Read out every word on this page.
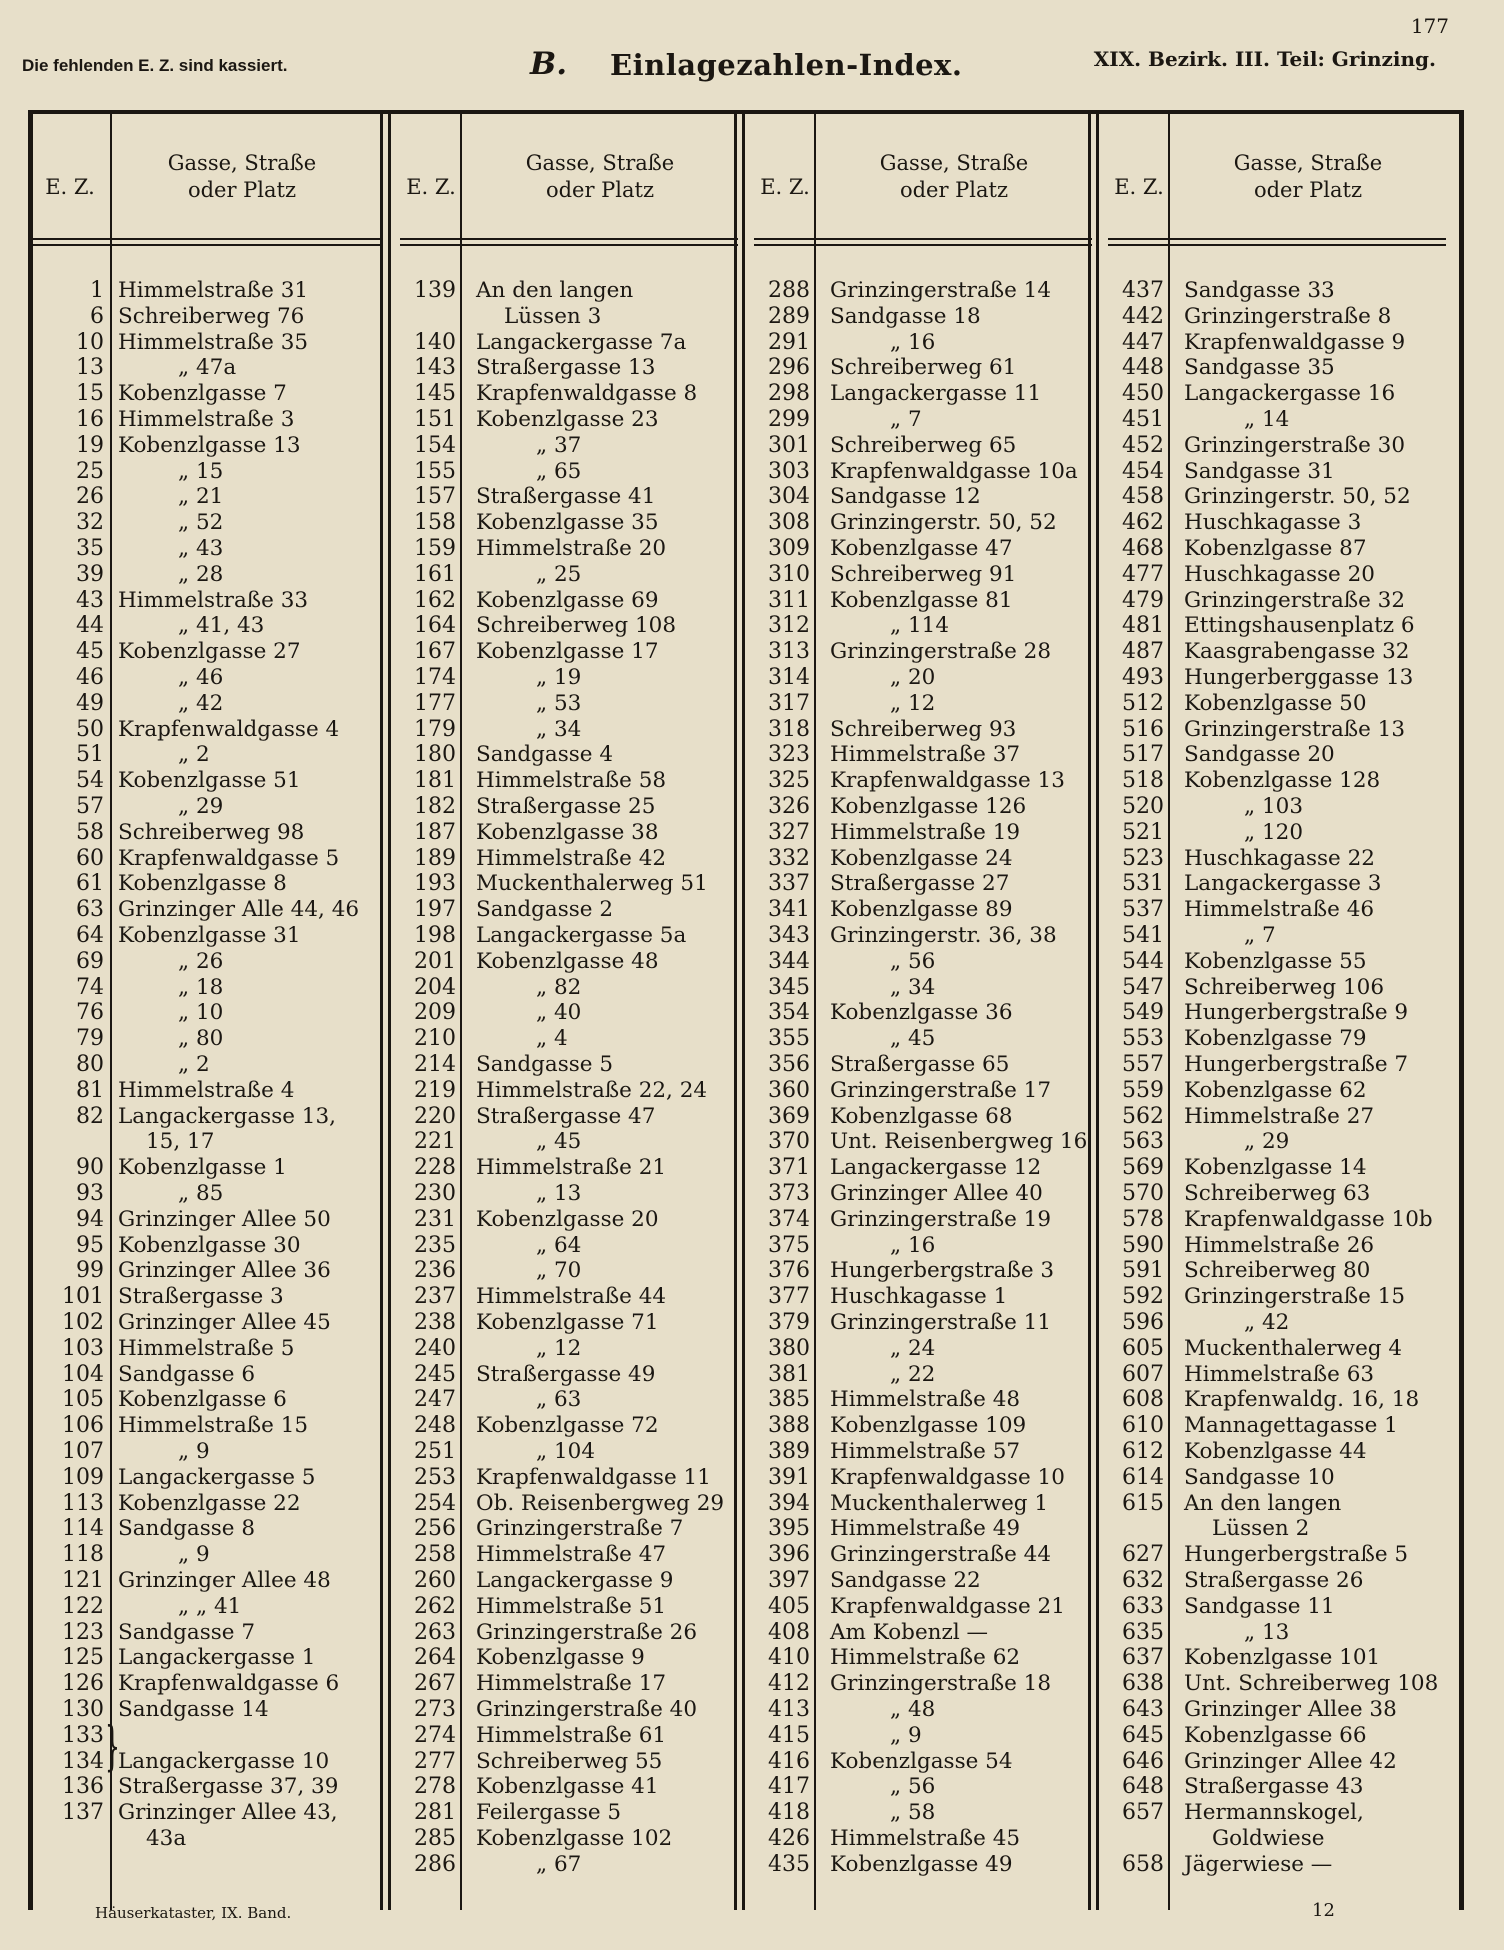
177
Die fehlenden E. Z. sind kassiert.	B. Einlagezahlen-Index.	XIX. Bezirk. III. Teil: Grinzing.
E. Z.
Gasse, Straße
oder Platz
1 Himmelstraße 31
6 Schreiberweg 76
10 Himmelstraße 35
13	„ 47a
15 Kobenzlgasse 7
16 Himmelstraße 3
19 Kobenzlgasse 13
25	„ 15
26	„ 21
32	„ 52
35	„ 43
39	„ 28
43 Himmelstraße 33
44	„ 41, 43
45 Kobenzlgasse 27
46	„ 46
49	„ 42
50 Krapfenwaldgasse 4
51	„ 2
54 Kobenzlgasse 51
57	„ 29
58 Schreiberweg 98
60 Krapfenwaldgasse 5
61 Kobenzlgasse 8
63 Grinzinger Alle 44, 46
64 Kobenzlgasse 31
69	„ 26
74	„ 18
76	„ 10
79	„ 80
80	„ 2
81 Himmelstraße 4
82 Langackergasse 13,
15, 17
90 Kobenzlgasse 1
93	„ 85
94 Grinzinger Allee 50
95 Kobenzlgasse 30
99 Grinzinger Allee 36
101 Straßergasse 3
102 Grinzinger Allee 45
103 Himmelstraße 5
104 Sandgasse 6
105 Kobenzlgasse 6
106 Himmelstraße 15
107	„ 9
109 Langackergasse 5
113 Kobenzlgasse 22
114 Sandgasse 8
118	„ 9
121 Grinzinger Allee 48
122	„ „ 41
123 Sandgasse 7
125 Langackergasse 1
126 Krapfenwaldgasse 6
130 Sandgasse 14
133
134 Langackergasse 10
136 Straßergasse 37, 39
137 Grinzinger Allee 43,
43a
E. Z.
Gasse, Straße
oder Platz
139 An den langen
Lüssen 3
140 Langackergasse 7a
143 Straßergasse 13
145 Krapfenwaldgasse 8
151 Kobenzlgasse 23
154	„ 37
155	„ 65
157 Straßergasse 41
158 Kobenzlgasse 35
159 Himmelstraße 20
161	„ 25
162 Kobenzlgasse 69
164 Schreiberweg 108
167 Kobenzlgasse 17
174	„ 19
177	„ 53
179	„ 34
180 Sandgasse 4
181 Himmelstraße 58
182 Straßergasse 25
187 Kobenzlgasse 38
189 Himmelstraße 42
193 Muckenthalerweg 51
197 Sandgasse 2
198 Langackergasse 5a
201 Kobenzlgasse 48
204	„ 82
209	„ 40
210	„ 4
214 Sandgasse 5
219 Himmelstraße 22, 24
220 Straßergasse 47
221	„ 45
228 Himmelstraße 21
230	„ 13
231 Kobenzlgasse 20
235	„ 64
236	„ 70
237 Himmelstraße 44
238 Kobenzlgasse 71
240	„ 12
245 Straßergasse 49
247	„ 63
248 Kobenzlgasse 72
251	„ 104
253 Krapfenwaldgasse 11
254 Ob. Reisenbergweg 29
256 Grinzingerstraße 7
258 Himmelstraße 47
260 Langackergasse 9
262 Himmelstraße 51
263 Grinzingerstraße 26
264 Kobenzlgasse 9
267 Himmelstraße 17
273 Grinzingerstraße 40
274 Himmelstraße 61
277 Schreiberweg 55
278 Kobenzlgasse 41
281 Feilergasse 5
285 Kobenzlgasse 102
286	„ 67
E. Z.
Gasse, Straße
oder Platz
288 Grinzingerstraße 14
289 Sandgasse 18
291	„ 16
296 Schreiberweg 61
298 Langackergasse 11
299	„ 7
301 Schreiberweg 65
303 Krapfenwaldgasse 10a
304 Sandgasse 12
308 Grinzingerstr. 50, 52
309 Kobenzlgasse 47
310 Schreiberweg 91
311 Kobenzlgasse 81
312	„ 114
313 Grinzingerstraße 28
314	„ 20
317	„ 12
318 Schreiberweg 93
323 Himmelstraße 37
325 Krapfenwaldgasse 13
326 Kobenzlgasse 126
327 Himmelstraße 19
332 Kobenzlgasse 24
337 Straßergasse 27
341 Kobenzlgasse 89
343 Grinzingerstr. 36, 38
344	„ 56
345	„ 34
354 Kobenzlgasse 36
355	„ 45
356 Straßergasse 65
360 Grinzingerstraße 17
369 Kobenzlgasse 68
370 Unt. Reisenbergweg 16
371 Langackergasse 12
373 Grinzinger Allee 40
374 Grinzingerstraße 19
375	„ 16
376 Hungerbergstraße 3
377 Huschkagasse 1
379 Grinzingerstraße 11
380	„ 24
381	„ 22
385 Himmelstraße 48
388 Kobenzlgasse 109
389 Himmelstraße 57
391 Krapfenwaldgasse 10
394 Muckenthalerweg 1
395 Himmelstraße 49
396 Grinzingerstraße 44
397 Sandgasse 22
405 Krapfenwaldgasse 21
408 Am Kobenzl —
410 Himmelstraße 62
412 Grinzingerstraße 18
413	„ 48
415	„ 9
416 Kobenzlgasse 54
417	„ 56
418	„ 58
426 Himmelstraße 45
435 Kobenzlgasse 49
E. Z.
Gasse, Straße
oder Platz
437 Sandgasse 33
442 Grinzingerstraße 8
447 Krapfenwaldgasse 9
448 Sandgasse 35
450 Langackergasse 16
451	„ 14
452 Grinzingerstraße 30
454 Sandgasse 31
458 Grinzingerstr. 50, 52
462 Huschkagasse 3
468 Kobenzlgasse 87
477 Huschkagasse 20
479 Grinzingerstraße 32
481 Ettingshausenplatz 6
487 Kaasgrabengasse 32
493 Hungerberggasse 13
512 Kobenzlgasse 50
516 Grinzingerstraße 13
517 Sandgasse 20
518 Kobenzlgasse 128
520	„ 103
521	„ 120
523 Huschkagasse 22
531 Langackergasse 3
537 Himmelstraße 46
541	„ 7
544 Kobenzlgasse 55
547 Schreiberweg 106
549 Hungerbergstraße 9
553 Kobenzlgasse 79
557 Hungerbergstraße 7
559 Kobenzlgasse 62
562 Himmelstraße 27
563	„ 29
569 Kobenzlgasse 14
570 Schreiberweg 63
578 Krapfenwaldgasse 10b
590 Himmelstraße 26
591 Schreiberweg 80
592 Grinzingerstraße 15
596	„ 42
605 Muckenthalerweg 4
607 Himmelstraße 63
608 Krapfenwaldg. 16, 18
610 Mannagettagasse 1
612 Kobenzlgasse 44
614 Sandgasse 10
615 An den langen
Lüssen 2
627 Hungerbergstraße 5
632 Straßergasse 26
633 Sandgasse 11
635	„ 13
637 Kobenzlgasse 101
638 Unt. Schreiberweg 108
643 Grinzinger Allee 38
645 Kobenzlgasse 66
646 Grinzinger Allee 42
648 Straßergasse 43
657 Hermannskogel,
Goldwiese
658 Jägerwiese —
}
Häuserkataster, IX. Band.	12
